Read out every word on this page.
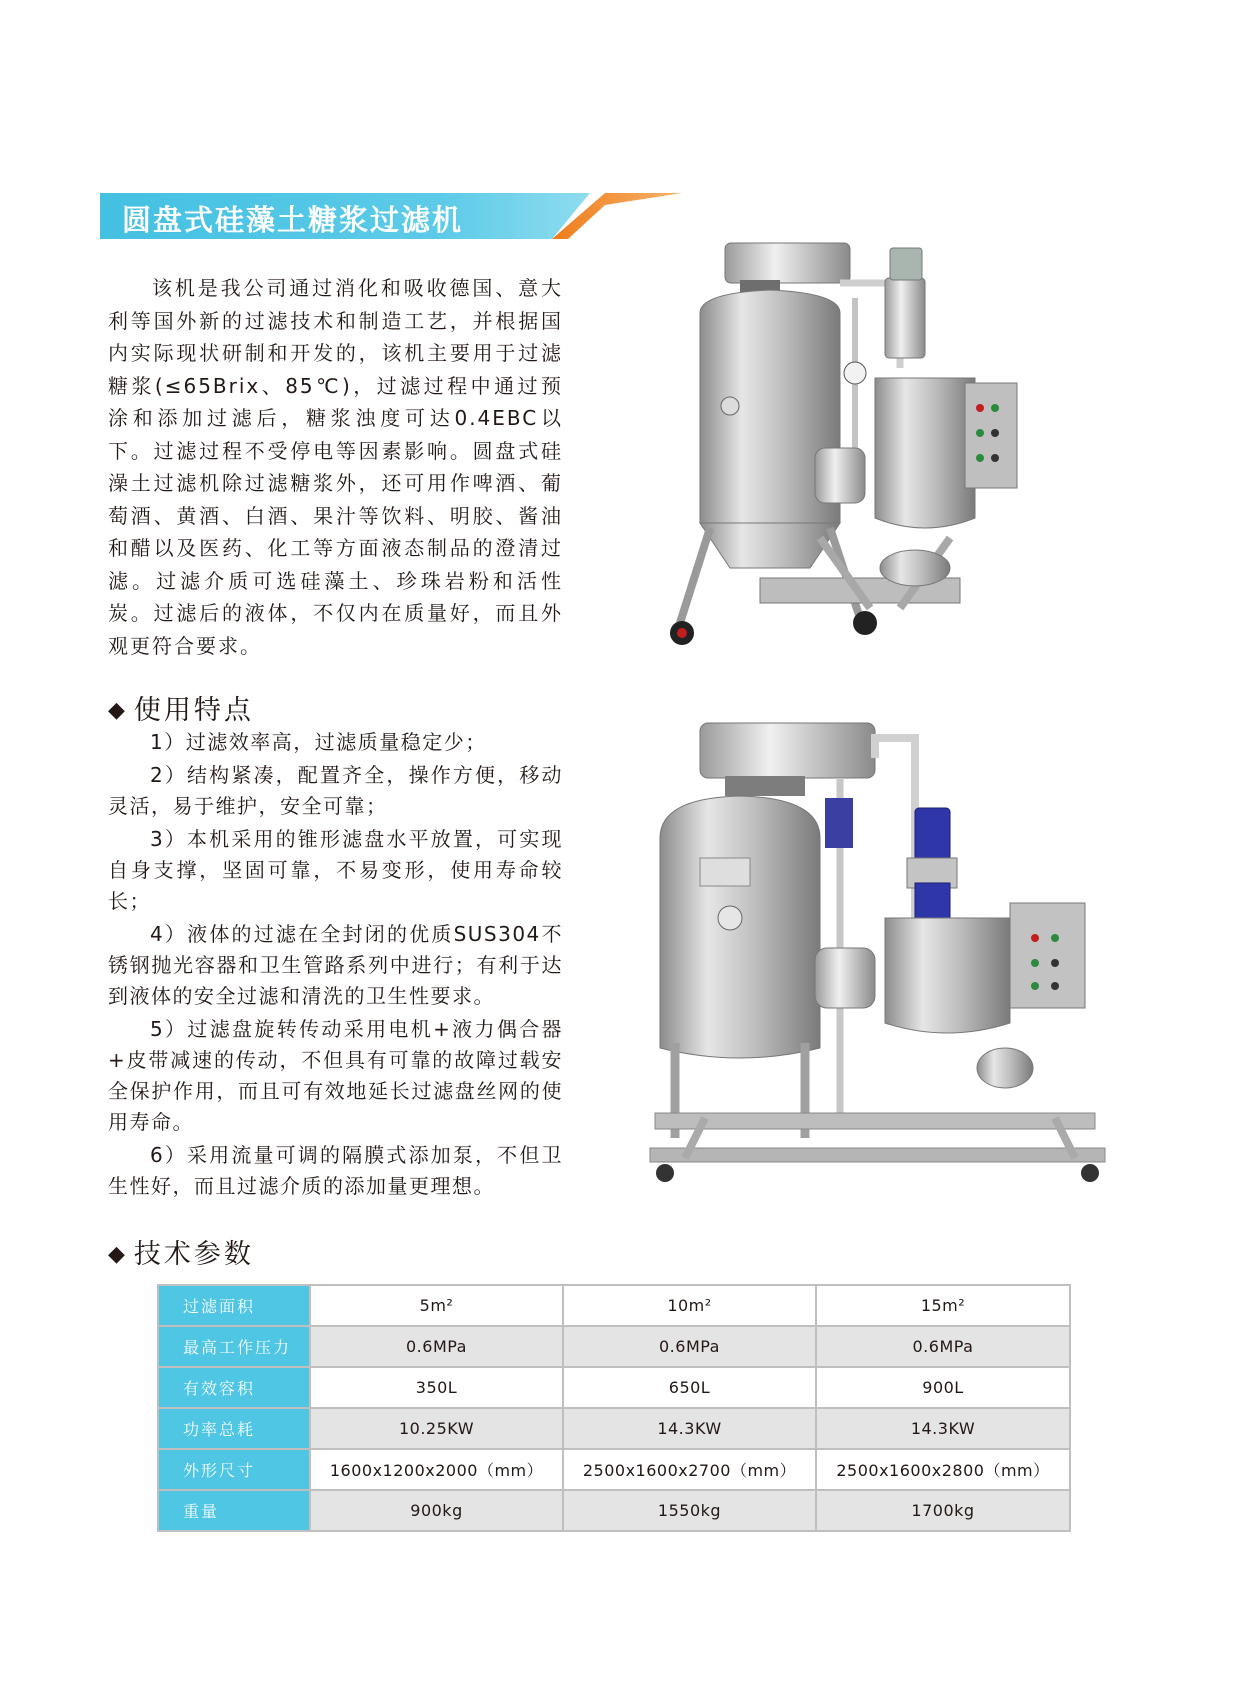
圆盘式硅藻土糖浆过滤机

该机是我公司通过消化和吸收德国、意大利等国外新的过滤技术和制造工艺，并根据国内实际现状研制和开发的，该机主要用于过滤糖浆(≤65Brix、85℃)，过滤过程中通过预涂和添加过滤后，糖浆浊度可达0.4EBC以下。过滤过程不受停电等因素影响。圆盘式硅澡土过滤机除过滤糖浆外，还可用作啤酒、葡萄酒、黄酒、白酒、果汁等饮料、明胶、酱油和醋以及医药、化工等方面液态制品的澄清过滤。过滤介质可选硅藻土、珍珠岩粉和活性炭。过滤后的液体，不仅内在质量好，而且外观更符合要求。

◆ 使用特点
1）过滤效率高，过滤质量稳定少；
2）结构紧凑，配置齐全，操作方便，移动灵活，易于维护，安全可靠；
3）本机采用的锥形滤盘水平放置，可实现自身支撑，坚固可靠，不易变形，使用寿命较长；
4）液体的过滤在全封闭的优质SUS304不锈钢抛光容器和卫生管路系列中进行；有利于达到液体的安全过滤和清洗的卫生性要求。
5）过滤盘旋转传动采用电机+液力偶合器+皮带减速的传动，不但具有可靠的故障过载安全保护作用，而且可有效地延长过滤盘丝网的使用寿命。
6）采用流量可调的隔膜式添加泵，不但卫生性好，而且过滤介质的添加量更理想。
◆ 技术参数
过滤面积	5m²	10m²	15m²
最高工作压力	0.6MPa	0.6MPa	0.6MPa
有效容积	350L	650L	900L
功率总耗	10.25KW	14.3KW	14.3KW
外形尺寸	1600x1200x2000（mm）	2500x1600x2700（mm）	2500x1600x2800（mm）
重量	900kg	1550kg	1700kg
